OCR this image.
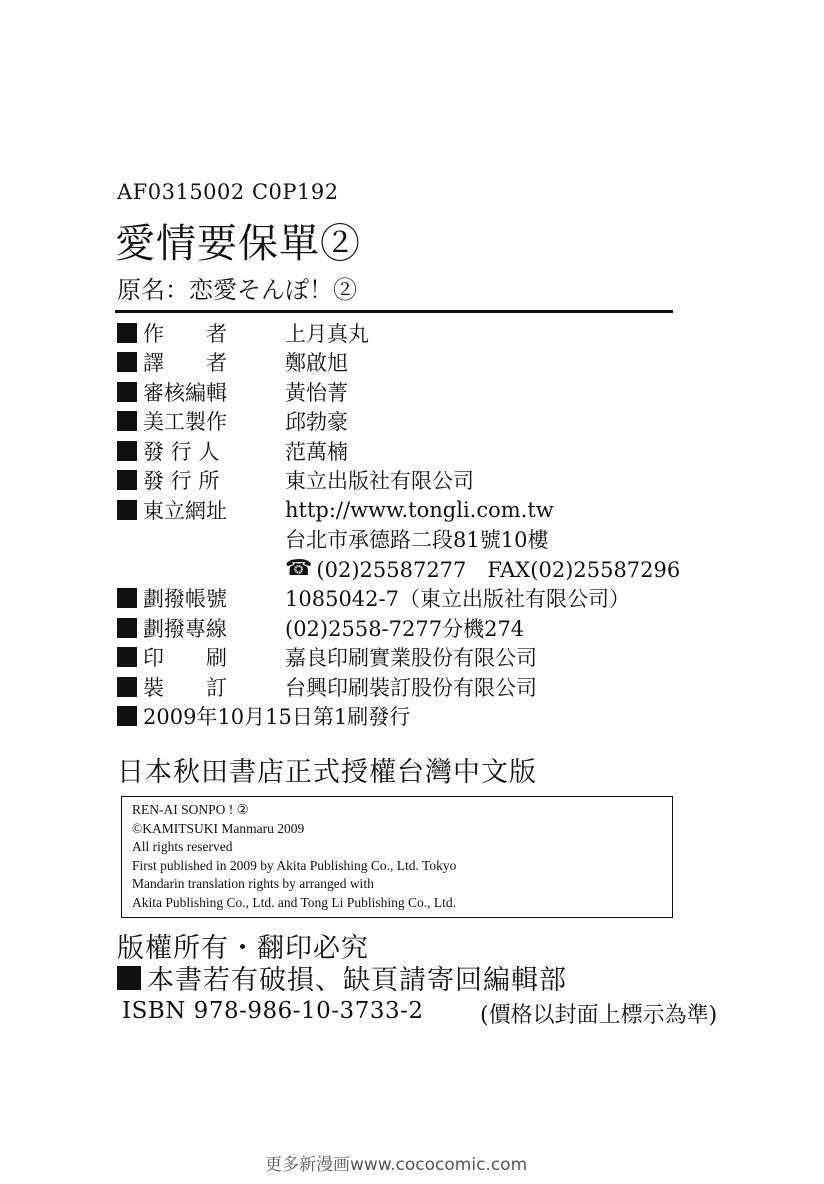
AF0315002 C0P192
愛情要保單②
原名：恋愛そんぽ！②
作　　者	上月真丸
譯　　者	鄭啟旭
審核編輯	黃怡菁
美工製作	邱勃豪
發 行 人	范萬楠
發 行 所	東立出版社有限公司
東立網址	http://www.tongli.com.tw
台北市承德路二段81號10樓
☎ (02)25587277　FAX(02)25587296
劃撥帳號	1085042-7（東立出版社有限公司）
劃撥專線	(02)2558-7277分機274
印　　刷	嘉良印刷實業股份有限公司
裝　　訂	台興印刷裝訂股份有限公司
2009年10月15日第1刷發行
日本秋田書店正式授權台灣中文版
REN-AI SONPO ! ②
©KAMITSUKI Manmaru 2009
All rights reserved
First published in 2009 by Akita Publishing Co., Ltd. Tokyo
Mandarin translation rights by arranged with
Akita Publishing Co., Ltd. and Tong Li Publishing Co., Ltd.
版權所有・翻印必究
本書若有破損、缺頁請寄回編輯部
ISBN 978-986-10-3733-2	(價格以封面上標示為準)
更多新漫画www.cococomic.com
